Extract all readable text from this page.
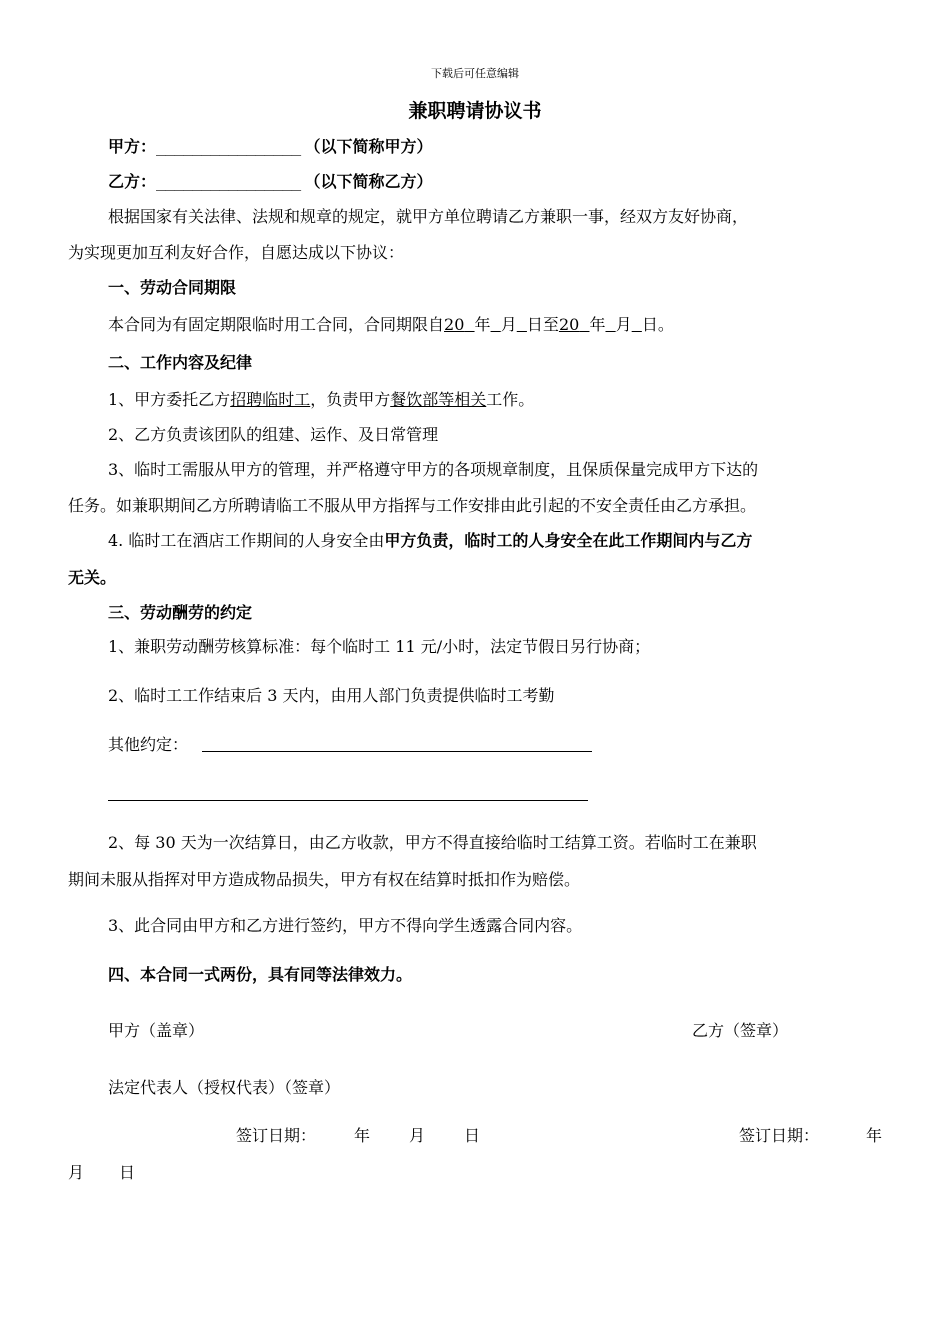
下载后可任意编辑
兼职聘请协议书
甲方：________________ （以下简称甲方）
乙方：________________ （以下简称乙方）
根据国家有关法律、法规和规章的规定，就甲方单位聘请乙方兼职一事，经双方友好协商，
为实现更加互利友好合作，自愿达成以下协议：
一、劳动合同期限
本合同为有固定期限临时用工合同，合同期限自20 年 月 日至20 年 月 日。
二、工作内容及纪律
1、甲方委托乙方招聘临时工，负责甲方餐饮部等相关工作。
2、乙方负责该团队的组建、运作、及日常管理
3、临时工需服从甲方的管理，并严格遵守甲方的各项规章制度，且保质保量完成甲方下达的
任务。如兼职期间乙方所聘请临工不服从甲方指挥与工作安排由此引起的不安全责任由乙方承担。
4. 临时工在酒店工作期间的人身安全由甲方负责，临时工的人身安全在此工作期间内与乙方
无关。
三、劳动酬劳的约定
1、兼职劳动酬劳核算标准：每个临时工 11 元/小时，法定节假日另行协商；
2、临时工工作结束后 3 天内，由用人部门负责提供临时工考勤
其他约定：
2、每 30 天为一次结算日，由乙方收款，甲方不得直接给临时工结算工资。若临时工在兼职
期间未服从指挥对甲方造成物品损失，甲方有权在结算时抵扣作为赔偿。
3、此合同由甲方和乙方进行签约，甲方不得向学生透露合同内容。
四、本合同一式两份，具有同等法律效力。
甲方（盖章）	乙方（签章）
法定代表人（授权代表）（签章）
签订日期： 年 月 日	签订日期：	年
月 日
